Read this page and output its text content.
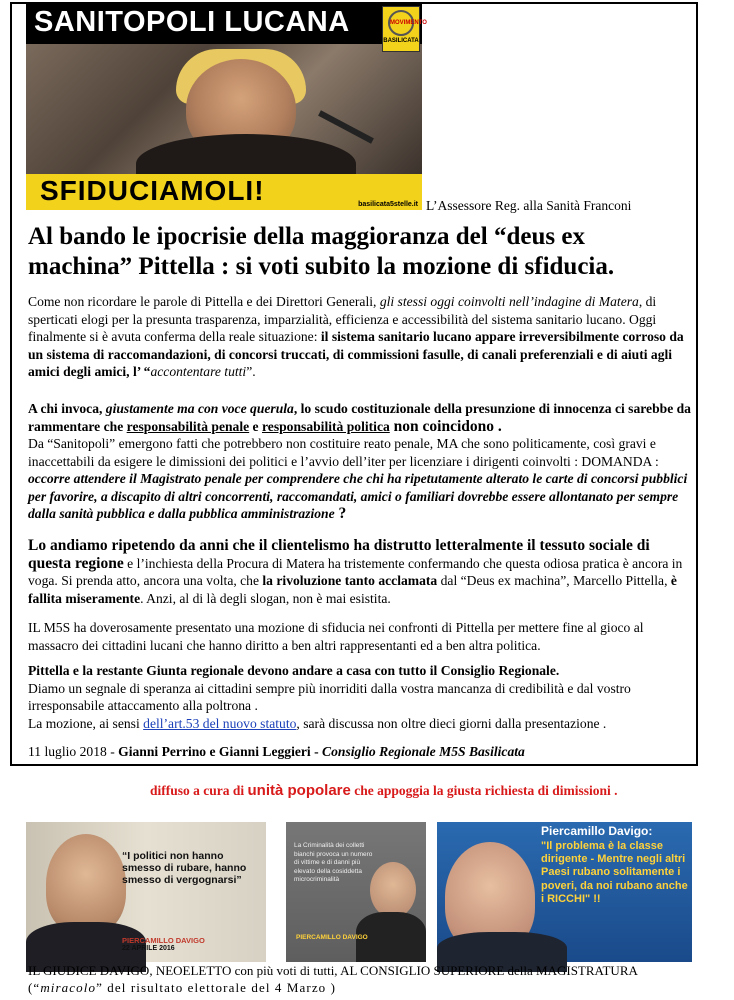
SANITOPOLI LUCANA	MOVIMENTO
BASILICATA
SFIDUCIAMOLI!	basilicata5stelle.it L’Assessore Reg. alla Sanità Franconi
Al bando le ipocrisie della maggioranza del “deus ex machina” Pittella : si voti subito la mozione di sfiducia.
Come non ricordare le parole di Pittella e dei Direttori Generali, gli stessi oggi coinvolti nell’indagine di Matera, di sperticati elogi per la presunta trasparenza, imparzialità, efficienza e accessibilità del sistema sanitario lucano. Oggi finalmente si è avuta conferma della reale situazione: il sistema sanitario lucano appare irreversibilmente corroso da un sistema di raccomandazioni, di concorsi truccati, di commissioni fasulle, di canali preferenziali e di aiuti agli amici degli amici, l’ “accontentare tutti”.
A chi invoca, giustamente ma con voce querula, lo scudo costituzionale della presunzione di innocenza ci sarebbe da rammentare che responsabilità penale e responsabilità politica non coincidono .
Da “Sanitopoli” emergono fatti che potrebbero non costituire reato penale, MA che sono politicamente, così gravi e inaccettabili da esigere le dimissioni dei politici e l’avvio dell’iter per licenziare i dirigenti coinvolti : DOMANDA : occorre attendere il Magistrato penale per comprendere che chi ha ripetutamente alterato le carte di concorsi pubblici per favorire, a discapito di altri concorrenti, raccomandati, amici o familiari dovrebbe essere allontanato per sempre dalla sanità pubblica e dalla pubblica amministrazione ?
Lo andiamo ripetendo da anni che il clientelismo ha distrutto letteralmente il tessuto sociale di questa regione e l’inchiesta della Procura di Matera ha tristemente confermando che questa odiosa pratica è ancora in voga. Si prenda atto, ancora una volta, che la rivoluzione tanto acclamata dal “Deus ex machina”, Marcello Pittella, è fallita miseramente. Anzi, al di là degli slogan, non è mai esistita.
IL M5S ha doverosamente presentato una mozione di sfiducia nei confronti di Pittella per mettere fine al gioco al massacro dei cittadini lucani che hanno diritto a ben altri rappresentanti ed a ben altra politica.
Pittella e la restante Giunta regionale devono andare a casa con tutto il Consiglio Regionale.
Diamo un segnale di speranza ai cittadini sempre più inorriditi dalla vostra mancanza di credibilità e dal vostro irresponsabile attaccamento alla poltrona .
La mozione, ai sensi dell’art.53 del nuovo statuto, sarà discussa non oltre dieci giorni dalla presentazione .
11 luglio 2018 - Gianni Perrino e Gianni Leggieri - Consiglio Regionale M5S Basilicata
diffuso a cura di unità popolare che appoggia la giusta richiesta di dimissioni .
“I politici non hanno smesso di rubare, hanno smesso di vergognarsi”
PIERCAMILLO DAVIGO
22 APRILE 2016
La Criminalità dei colletti bianchi provoca un numero di vittime e di danni più elevato della cosiddetta microcriminalità
PIERCAMILLO DAVIGO
Piercamillo Davigo:
"Il problema è la classe dirigente - Mentre negli altri Paesi rubano solitamente i poveri, da noi rubano anche i RICCHI" !!
IL GIUDICE DAVIGO, NEOELETTO con più voti di tutti, AL CONSIGLIO SUPERIORE della MAGISTRATURA
(“miracolo” del risultato elettorale del 4 Marzo )
